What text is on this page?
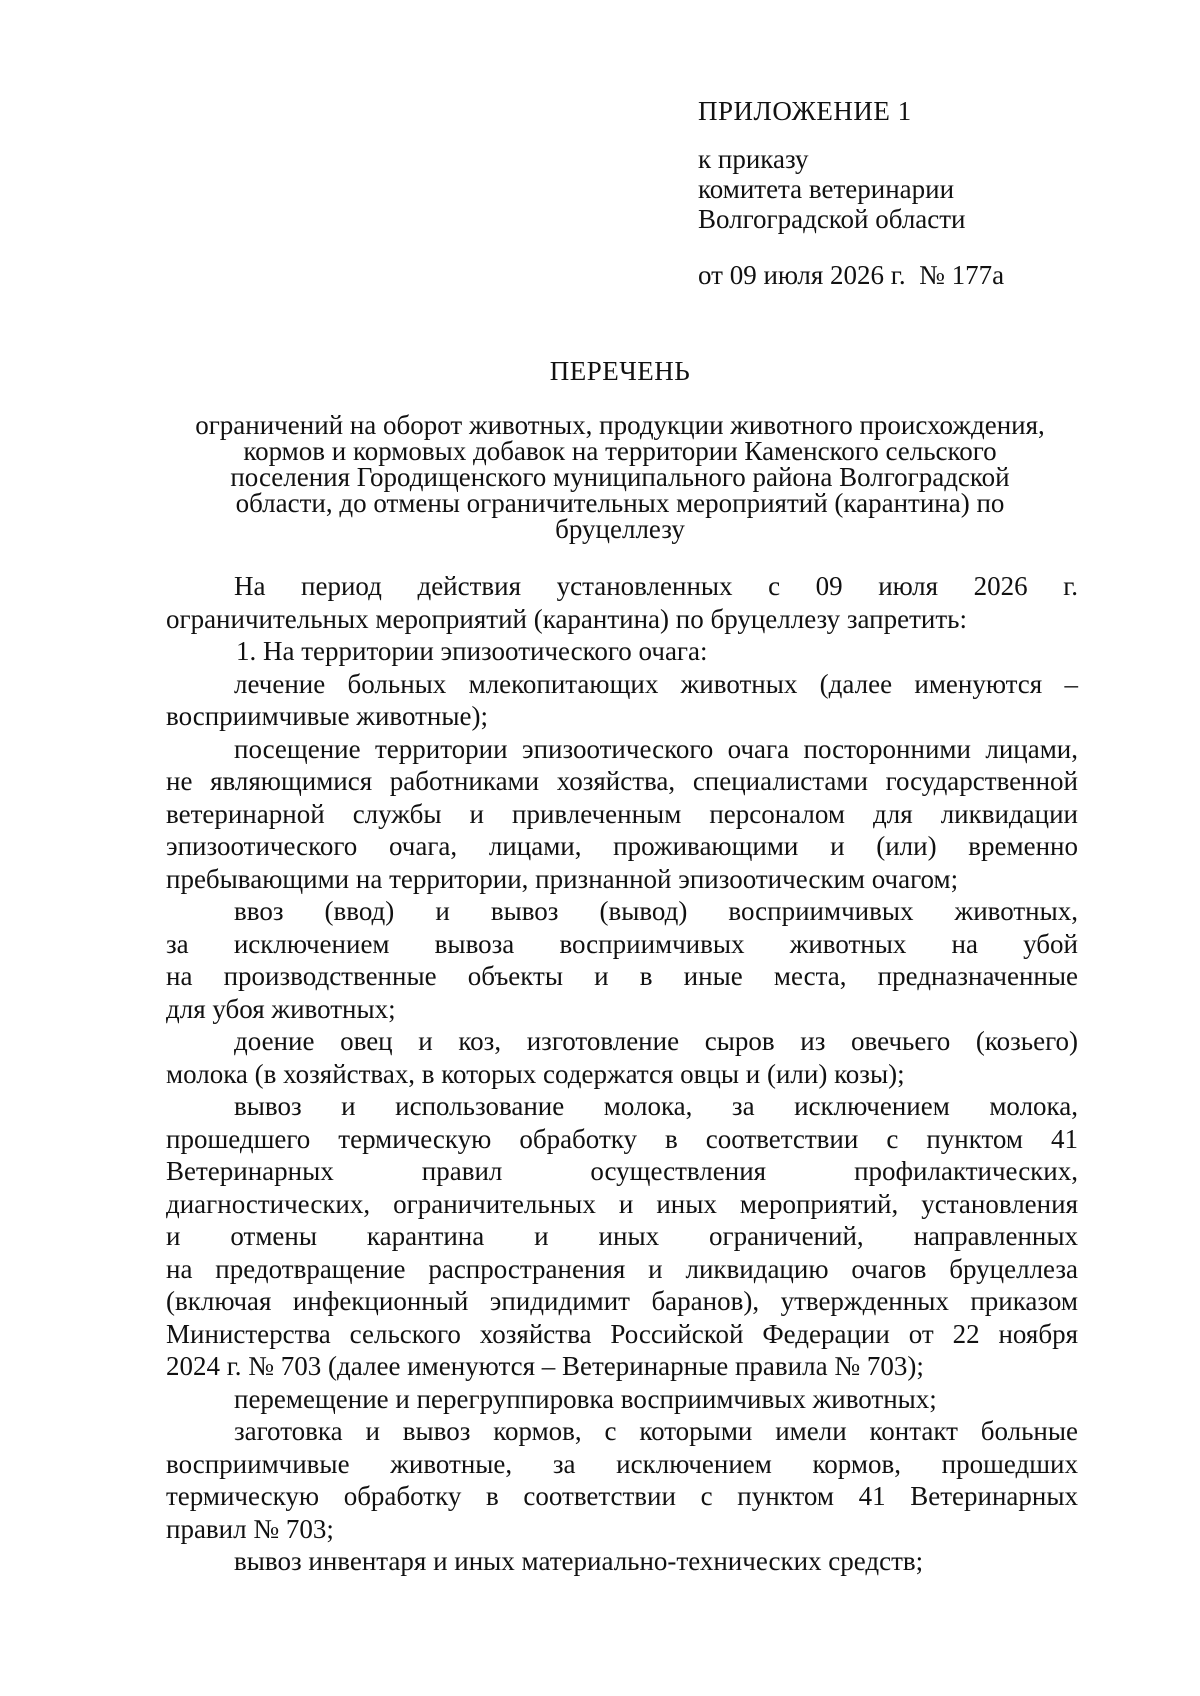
ПРИЛОЖЕНИЕ 1
к приказу
комитета ветеринарии
Волгоградской области
от 09 июля 2026 г.  № 177а
ПЕРЕЧЕНЬ
ограничений на оборот животных, продукции животного происхождения,
кормов и кормовых добавок на территории Каменского сельского
поселения Городищенского муниципального района Волгоградской
области, до отмены ограничительных мероприятий (карантина) по
бруцеллезу
На период действия установленных с 09 июля 2026 г.
ограничительных мероприятий (карантина) по бруцеллезу запретить:
1. На территории эпизоотического очага:
лечение больных млекопитающих животных (далее именуются –
восприимчивые животные);
посещение территории эпизоотического очага посторонними лицами,
не являющимися работниками хозяйства, специалистами государственной
ветеринарной службы и привлеченным персоналом для ликвидации
эпизоотического очага, лицами, проживающими и (или) временно
пребывающими на территории, признанной эпизоотическим очагом;
ввоз (ввод) и вывоз (вывод) восприимчивых животных,
за исключением вывоза восприимчивых животных на убой
на производственные объекты и в иные места, предназначенные
для убоя животных;
доение овец и коз, изготовление сыров из овечьего (козьего)
молока (в хозяйствах, в которых содержатся овцы и (или) козы);
вывоз и использование молока, за исключением молока,
прошедшего термическую обработку в соответствии с пунктом 41
Ветеринарных правил осуществления профилактических,
диагностических, ограничительных и иных мероприятий, установления
и отмены карантина и иных ограничений, направленных
на предотвращение распространения и ликвидацию очагов бруцеллеза
(включая инфекционный эпидидимит баранов), утвержденных приказом
Министерства сельского хозяйства Российской Федерации от 22 ноября
2024 г. № 703 (далее именуются – Ветеринарные правила № 703);
перемещение и перегруппировка восприимчивых животных;
заготовка и вывоз кормов, с которыми имели контакт больные
восприимчивые животные, за исключением кормов, прошедших
термическую обработку в соответствии с пунктом 41 Ветеринарных
правил № 703;
вывоз инвентаря и иных материально-технических средств;
